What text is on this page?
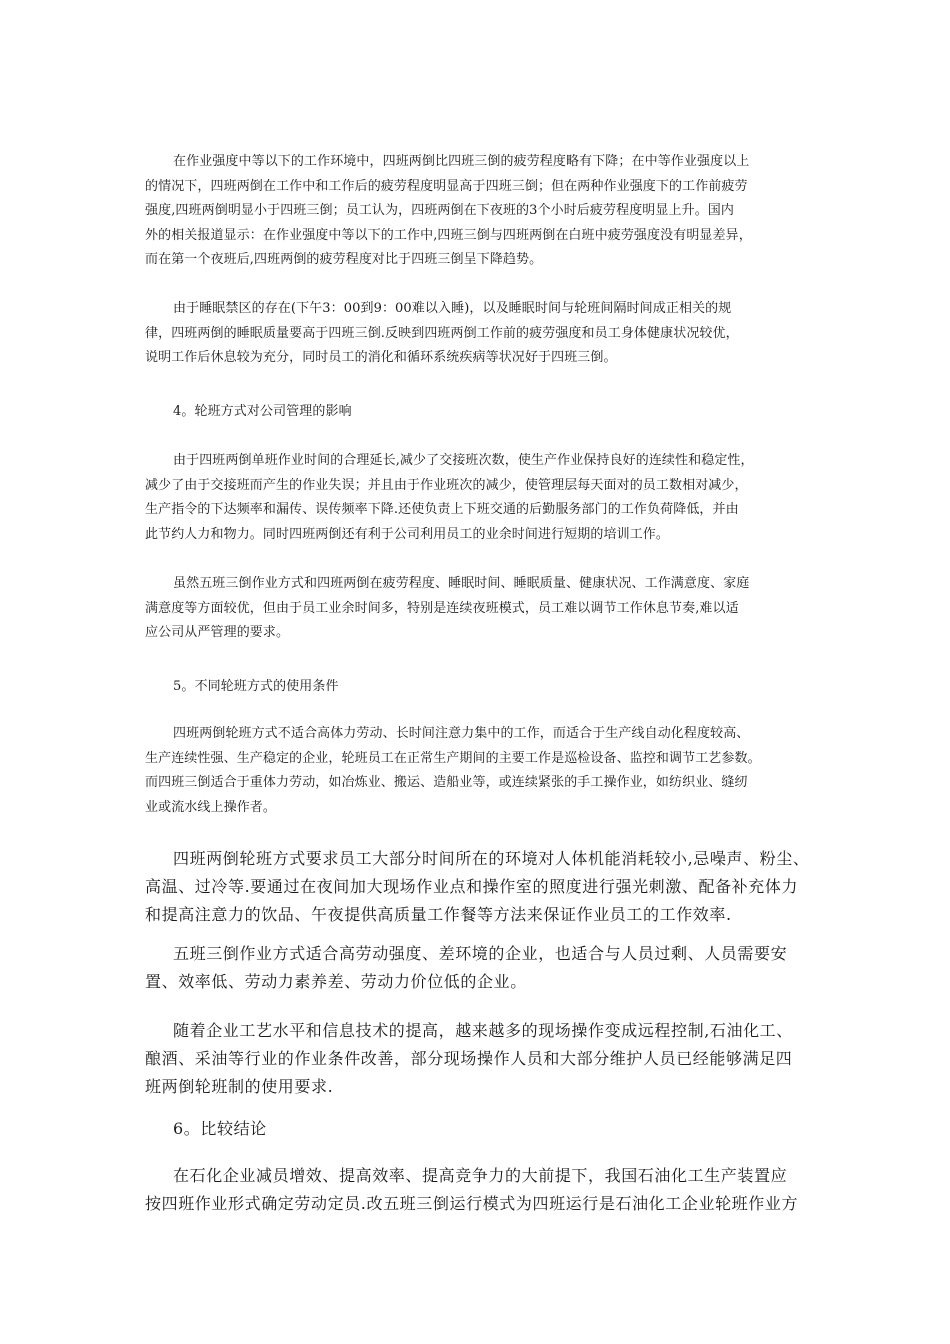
在作业强度中等以下的工作环境中，四班两倒比四班三倒的疲劳程度略有下降；在中等作业强度以上
的情况下，四班两倒在工作中和工作后的疲劳程度明显高于四班三倒；但在两种作业强度下的工作前疲劳
强度,四班两倒明显小于四班三倒；员工认为，四班两倒在下夜班的3个小时后疲劳程度明显上升。国内
外的相关报道显示：在作业强度中等以下的工作中,四班三倒与四班两倒在白班中疲劳强度没有明显差异，
而在第一个夜班后,四班两倒的疲劳程度对比于四班三倒呈下降趋势。
由于睡眠禁区的存在(下午3：00到9：00难以入睡)，以及睡眠时间与轮班间隔时间成正相关的规
律，四班两倒的睡眠质量要高于四班三倒.反映到四班两倒工作前的疲劳强度和员工身体健康状况较优，
说明工作后休息较为充分，同时员工的消化和循环系统疾病等状况好于四班三倒。
4。轮班方式对公司管理的影响
由于四班两倒单班作业时间的合理延长,减少了交接班次数，使生产作业保持良好的连续性和稳定性，
减少了由于交接班而产生的作业失误；并且由于作业班次的减少，使管理层每天面对的员工数相对减少，
生产指令的下达频率和漏传、误传频率下降.还使负责上下班交通的后勤服务部门的工作负荷降低，并由
此节约人力和物力。同时四班两倒还有利于公司利用员工的业余时间进行短期的培训工作。
虽然五班三倒作业方式和四班两倒在疲劳程度、睡眠时间、睡眠质量、健康状况、工作满意度、家庭
满意度等方面较优，但由于员工业余时间多，特别是连续夜班模式，员工难以调节工作休息节奏,难以适
应公司从严管理的要求。
5。不同轮班方式的使用条件
四班两倒轮班方式不适合高体力劳动、长时间注意力集中的工作，而适合于生产线自动化程度较高、
生产连续性强、生产稳定的企业，轮班员工在正常生产期间的主要工作是巡检设备、监控和调节工艺参数。
而四班三倒适合于重体力劳动，如冶炼业、搬运、造船业等，或连续紧张的手工操作业，如纺织业、缝纫
业或流水线上操作者。
四班两倒轮班方式要求员工大部分时间所在的环境对人体机能消耗较小,忌噪声、粉尘、
高温、过冷等.要通过在夜间加大现场作业点和操作室的照度进行强光刺激、配备补充体力
和提高注意力的饮品、午夜提供高质量工作餐等方法来保证作业员工的工作效率.
五班三倒作业方式适合高劳动强度、差环境的企业，也适合与人员过剩、人员需要安
置、效率低、劳动力素养差、劳动力价位低的企业。
随着企业工艺水平和信息技术的提高，越来越多的现场操作变成远程控制,石油化工、
酿酒、采油等行业的作业条件改善，部分现场操作人员和大部分维护人员已经能够满足四
班两倒轮班制的使用要求.
6。比较结论
在石化企业减员增效、提高效率、提高竞争力的大前提下，我国石油化工生产装置应
按四班作业形式确定劳动定员.改五班三倒运行模式为四班运行是石油化工企业轮班作业方
